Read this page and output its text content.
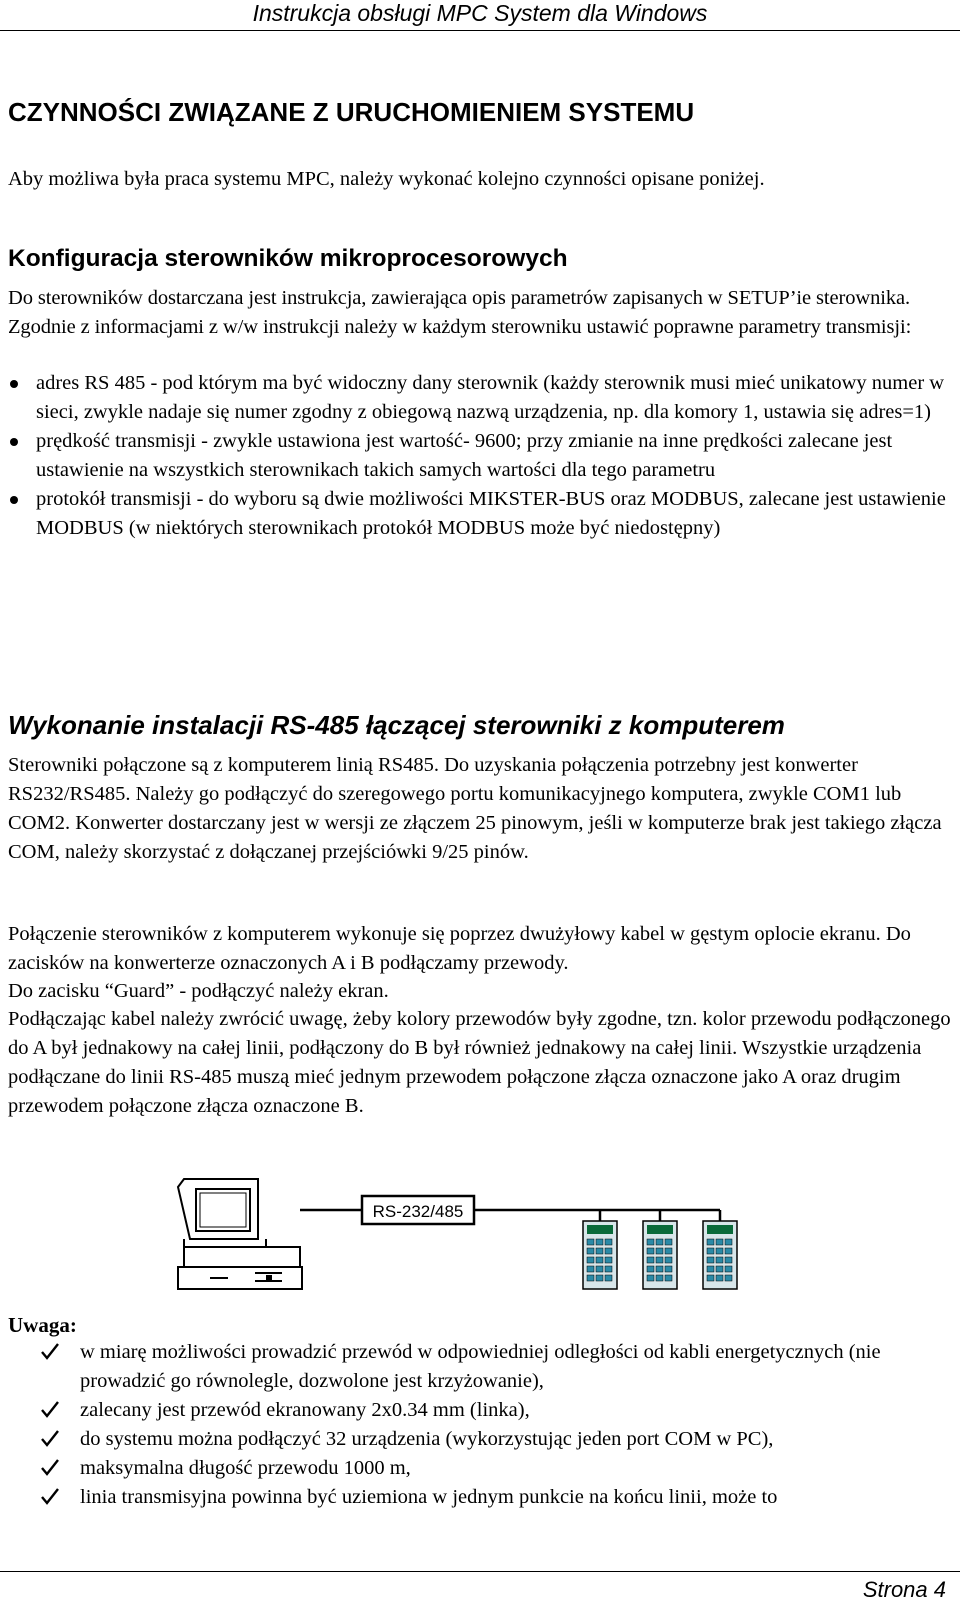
Instrukcja obsługi MPC System dla Windows
CZYNNOŚCI ZWIĄZANE Z URUCHOMIENIEM SYSTEMU

Aby możliwa była praca systemu MPC, należy wykonać kolejno czynności opisane poniżej.

Konfiguracja sterowników mikroprocesorowych

Do sterowników dostarczana jest instrukcja, zawierająca opis parametrów zapisanych w SETUP’ie sterownika. Zgodnie z informacjami z w/w instrukcji należy w każdym sterowniku ustawić poprawne parametry transmisji:

adres RS 485 - pod którym ma być widoczny dany sterownik (każdy sterownik musi mieć unikatowy numer w sieci, zwykle nadaje się numer zgodny z obiegową nazwą urządzenia, np. dla komory 1, ustawia się adres=1)
prędkość transmisji - zwykle ustawiona jest wartość- 9600; przy zmianie na inne prędkości zalecane jest ustawienie na wszystkich sterownikach takich samych wartości dla tego parametru
protokół transmisji - do wyboru są dwie możliwości MIKSTER-BUS oraz MODBUS, zalecane jest ustawienie MODBUS (w niektórych sterownikach protokół MODBUS może być niedostępny)
Wykonanie instalacji RS-485 łączącej sterowniki z komputerem

Sterowniki połączone są z komputerem linią RS485. Do uzyskania połączenia potrzebny jest konwerter RS232/RS485. Należy go podłączyć do szeregowego portu komunikacyjnego komputera, zwykle COM1 lub COM2. Konwerter dostarczany jest w wersji ze złączem 25 pinowym, jeśli w komputerze brak jest takiego złącza COM, należy skorzystać z dołączanej przejściówki 9/25 pinów.

Połączenie sterowników z komputerem wykonuje się poprzez dwużyłowy kabel w gęstym oplocie ekranu. Do zacisków na konwerterze oznaczonych A i B podłączamy przewody.

Do zacisku “Guard” - podłączyć należy ekran.

Podłączając kabel należy zwrócić uwagę, żeby kolory przewodów były zgodne, tzn. kolor przewodu podłączonego do A był jednakowy na całej linii, podłączony do B był również jednakowy na całej linii. Wszystkie urządzenia podłączane do linii RS-485 muszą mieć jednym przewodem połączone złącza oznaczone jako A oraz drugim przewodem połączone złącza oznaczone B.

RS-232/485
Uwaga:
w miarę możliwości prowadzić przewód w odpowiedniej odległości od kabli energetycznych (nie prowadzić go równolegle, dozwolone jest krzyżowanie),
zalecany jest przewód ekranowany 2x0.34 mm (linka),
do systemu można podłączyć 32 urządzenia (wykorzystując jeden port COM w PC),
maksymalna długość przewodu 1000 m,
linia transmisyjna powinna być uziemiona w jednym punkcie na końcu linii, może to
Strona 4
